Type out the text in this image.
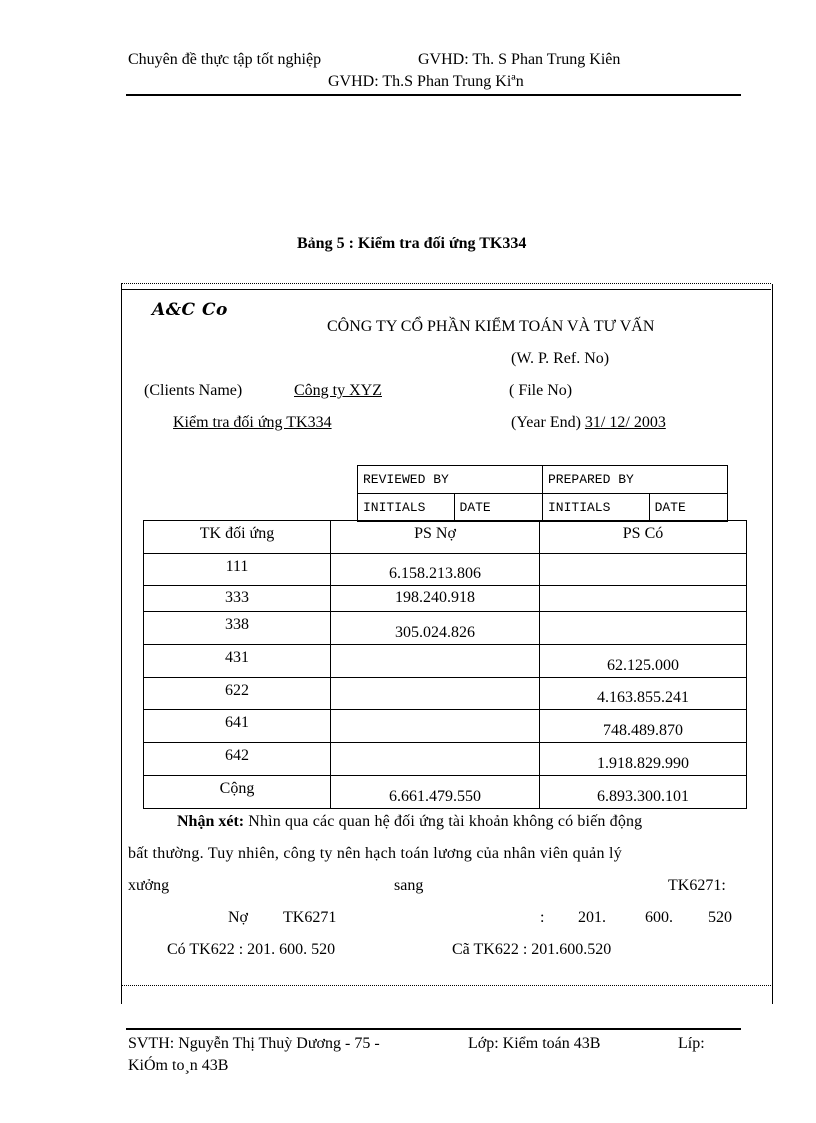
Chuyên đề thực tập tốt nghiệp	GVHD: Th. S Phan Trung Kiên
GVHD: Th.S Phan Trung Kiªn
Bảng 5 : Kiểm tra đối ứng TK334
A&C Co
CÔNG TY CỔ PHẦN KIỂM TOÁN VÀ TƯ VẤN
(W. P. Ref. No)
(Clients Name)	Công ty XYZ	( File No)
Kiểm tra đối ứng TK334	(Year End) 31/ 12/ 2003
REVIEWED BY		PREPARED BY	
INITIALS	DATE	INITIALS	DATE
TK đối ứng	PS Nợ	PS Có
111	6.158.213.806	
333	198.240.918	
338	305.024.826	
431		62.125.000
622		4.163.855.241
641		748.489.870
642		1.918.829.990
Cộng	6.661.479.550	6.893.300.101
Nhận xét: Nhìn qua các quan hệ đối ứng tài khoản không có biến động
bất thường. Tuy nhiên, công ty nên hạch toán lương của nhân viên quản lý
xưởng	sang	TK6271:
Nợ TK6271	: 201. 600. 520
Có TK622 : 201. 600. 520	Cã TK622 : 201.600.520
SVTH: Nguyễn Thị Thuỳ Dương - 75 -	Lớp: Kiểm toán 43B	Líp:
KiÓm to¸n 43B
